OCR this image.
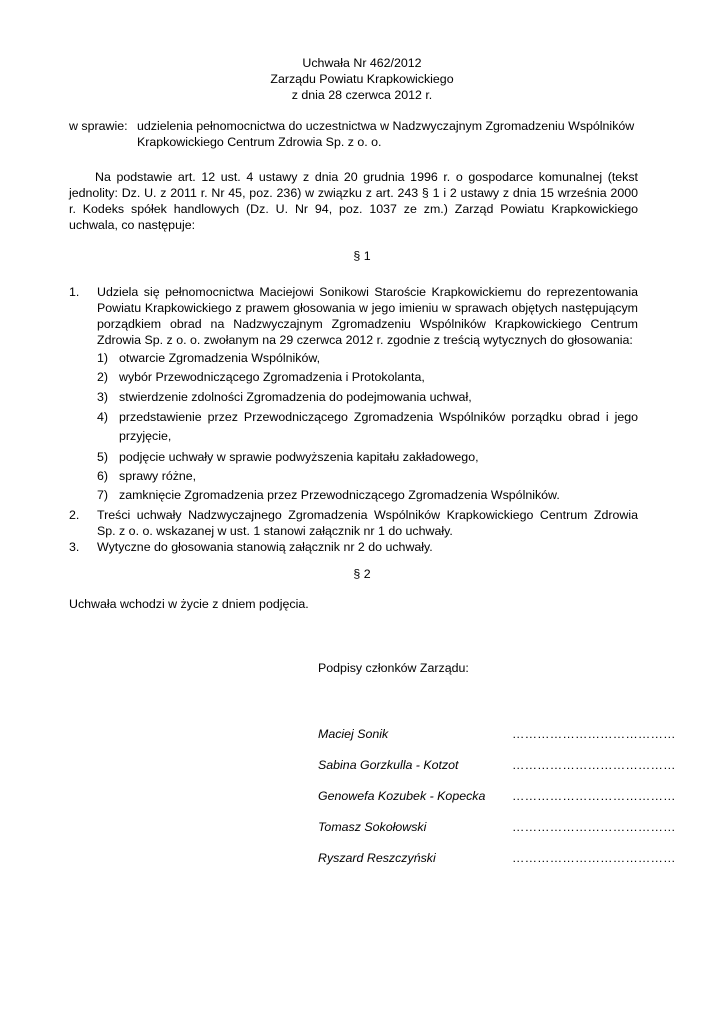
Uchwała Nr 462/2012
Zarządu Powiatu Krapkowickiego
z dnia 28 czerwca 2012 r.
w sprawie: udzielenia pełnomocnictwa do uczestnictwa w Nadzwyczajnym Zgromadzeniu Wspólników Krapkowickiego Centrum Zdrowia Sp. z o. o.
Na podstawie art. 12 ust. 4 ustawy z dnia 20 grudnia 1996 r. o gospodarce komunalnej (tekst jednolity: Dz. U. z 2011 r. Nr 45, poz. 236) w związku z art. 243 § 1 i 2 ustawy z dnia 15 września 2000 r. Kodeks spółek handlowych (Dz. U. Nr 94, poz. 1037 ze zm.) Zarząd Powiatu Krapkowickiego uchwala, co następuje:
§ 1
1. Udziela się pełnomocnictwa Maciejowi Sonikowi Staroście Krapkowickiemu do reprezentowania Powiatu Krapkowickiego z prawem głosowania w jego imieniu w sprawach objętych następującym porządkiem obrad na Nadzwyczajnym Zgromadzeniu Wspólników Krapkowickiego Centrum Zdrowia Sp. z o. o. zwołanym na 29 czerwca 2012 r. zgodnie z treścią wytycznych do głosowania:
1) otwarcie Zgromadzenia Wspólników,
2) wybór Przewodniczącego Zgromadzenia i Protokolanta,
3) stwierdzenie zdolności Zgromadzenia do podejmowania uchwał,
4) przedstawienie przez Przewodniczącego Zgromadzenia Wspólników porządku obrad i jego przyjęcie,
5) podjęcie uchwały w sprawie podwyższenia kapitału zakładowego,
6) sprawy różne,
7) zamknięcie Zgromadzenia przez Przewodniczącego Zgromadzenia Wspólników.
2. Treści uchwały Nadzwyczajnego Zgromadzenia Wspólników Krapkowickiego Centrum Zdrowia Sp. z o. o. wskazanej w ust. 1 stanowi załącznik nr 1 do uchwały.
3. Wytyczne do głosowania stanowią załącznik nr 2 do uchwały.
§ 2
Uchwała wchodzi w życie z dniem podjęcia.
Podpisy członków Zarządu:
Maciej Sonik	…………………………………
Sabina Gorzkulla - Kotzot	…………………………………
Genowefa Kozubek - Kopecka …………………………………
Tomasz Sokołowski	…………………………………
Ryszard Reszczyński	…………………………………
